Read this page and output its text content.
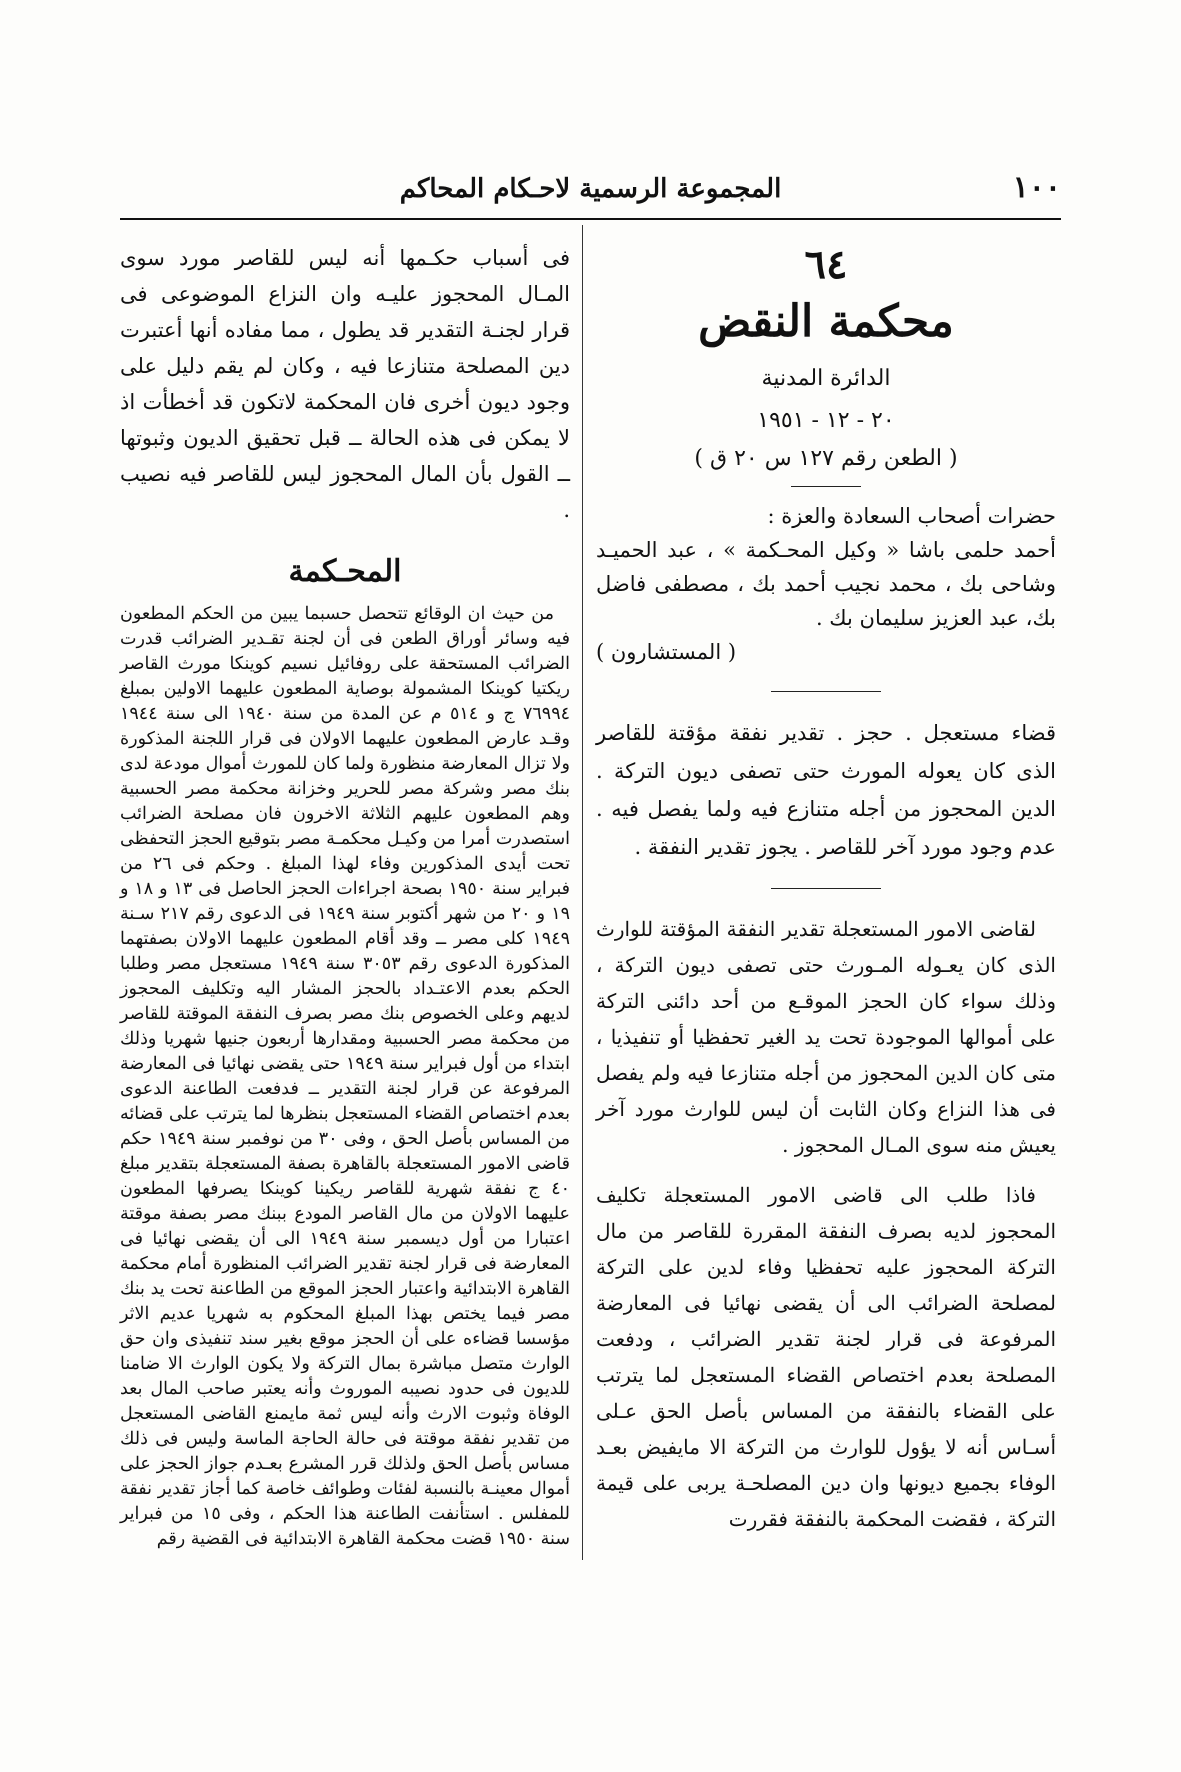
١٠٠
المجموعة الرسمية لاحـكام المحاكم

٦٤

محكمة النقض

الدائرة المدنية

٢٠ - ١٢ - ١٩٥١

( الطعن رقم ١٢٧ س ٢٠ ق )

حضرات أصحاب السعادة والعزة :

أحمد حلمى باشا « وكيل المحـكمة » ، عبد الحميـد وشاحى بك ، محمد نجيب أحمد بك ، مصطفى فاضل بك، عبد العزيز سليمان بك .

( المستشارون )

قضاء مستعجل . حجز . تقدير نفقة مؤقتة للقاصر الذى كان يعوله المورث حتى تصفى ديون التركة . الدين المحجوز من أجله متنازع فيه ولما يفصل فيه . عدم وجود مورد آخر للقاصر . يجوز تقدير النفقة .

لقاضى الامور المستعجلة تقدير النفقة المؤقتة للوارث الذى كان يعـوله المـورث حتى تصفى ديون التركة ، وذلك سواء كان الحجز الموقـع من أحد دائنى التركة على أموالها الموجودة تحت يد الغير تحفظيا أو تنفيذيا ، متى كان الدين المحجوز من أجله متنازعا فيه ولم يفصل فى هذا النزاع وكان الثابت أن ليس للوارث مورد آخر يعيش منه سوى المـال المحجوز .

فاذا طلب الى قاضى الامور المستعجلة تكليف المحجوز لديه بصرف النفقة المقررة للقاصر من مال التركة المحجوز عليه تحفظيا وفاء لدين على التركة لمصلحة الضرائب الى أن يقضى نهائيا فى المعارضة المرفوعة فى قرار لجنة تقدير الضرائب ، ودفعت المصلحة بعدم اختصاص القضاء المستعجل لما يترتب على القضاء بالنفقة من المساس بأصل الحق عـلى أسـاس أنه لا يؤول للوارث من التركة الا مايفيض بعـد الوفاء بجميع ديونها وان دين المصلحـة يربى على قيمة التركة ، فقضت المحكمة بالنفقة فقررت

فى أسباب حكـمها أنه ليس للقاصر مورد سوى المـال المحجوز عليـه وان النزاع الموضوعى فى قرار لجنـة التقدير قد يطول ، مما مفاده أنها أعتبرت دين المصلحة متنازعا فيه ، وكان لم يقم دليل على وجود ديون أخرى فان المحكمة لاتكون قد أخطأت اذ لا يمكن فى هذه الحالة ــ قبل تحقيق الديون وثبوتها ــ القول بأن المال المحجوز ليس للقاصر فيه نصيب .

المحـكمة

من حيث ان الوقائع تتحصل حسبما يبين من الحكم المطعون فيه وسائر أوراق الطعن فى أن لجنة تقـدير الضرائب قدرت الضرائب المستحقة على روفائيل نسيم كوينكا مورث القاصر ريكتيا كوينكا المشمولة بوصاية المطعون عليهما الاولين بمبلغ ٧٦٩٩٤ ج و ٥١٤ م عن المدة من سنة ١٩٤٠ الى سنة ١٩٤٤ وقـد عارض المطعون عليهما الاولان فى قرار اللجنة المذكورة ولا تزال المعارضة منظورة ولما كان للمورث أموال مودعة لدى بنك مصر وشركة مصر للحرير وخزانة محكمة مصر الحسبية وهم المطعون عليهم الثلاثة الاخرون فان مصلحة الضرائب استصدرت أمرا من وكيـل محكمـة مصر بتوقيع الحجز التحفظى تحت أيدى المذكورين وفاء لهذا المبلغ . وحكم فى ٢٦ من فبراير سنة ١٩٥٠ بصحة اجراءات الحجز الحاصل فى ١٣ و ١٨ و ١٩ و ٢٠ من شهر أكتوبر سنة ١٩٤٩ فى الدعوى رقم ٢١٧ سـنة ١٩٤٩ كلى مصر ــ وقد أقام المطعون عليهما الاولان بصفتهما المذكورة الدعوى رقم ٣٠٥٣ سنة ١٩٤٩ مستعجل مصر وطلبا الحكم بعدم الاعتـداد بالحجز المشار اليه وتكليف المحجوز لديهم وعلى الخصوص بنك مصر بصرف النفقة الموقتة للقاصر من محكمة مصر الحسبية ومقدارها أربعون جنيها شهريا وذلك ابتداء من أول فبراير سنة ١٩٤٩ حتى يقضى نهائيا فى المعارضة المرفوعة عن قرار لجنة التقدير ــ فدفعت الطاعنة الدعوى بعدم اختصاص القضاء المستعجل بنظرها لما يترتب على قضائه من المساس بأصل الحق ، وفى ٣٠ من نوفمبر سنة ١٩٤٩ حكم قاضى الامور المستعجلة بالقاهرة بصفة المستعجلة بتقدير مبلغ ٤٠ ج نفقة شهرية للقاصر ريكينا كوينكا يصرفها المطعون عليهما الاولان من مال القاصر المودع ببنك مصر بصفة موقتة اعتبارا من أول ديسمبر سنة ١٩٤٩ الى أن يقضى نهائيا فى المعارضة فى قرار لجنة تقدير الضرائب المنظورة أمام محكمة القاهرة الابتدائية واعتبار الحجز الموقع من الطاعنة تحت يد بنك مصر فيما يختص بهذا المبلغ المحكوم به شهريا عديم الاثر مؤسسا قضاءه على أن الحجز موقع بغير سند تنفيذى وان حق الوارث متصل مباشرة بمال التركة ولا يكون الوارث الا ضامنا للديون فى حدود نصيبه الموروث وأنه يعتبر صاحب المال بعد الوفاة وثبوت الارث وأنه ليس ثمة مايمنع القاضى المستعجل من تقدير نفقة موقتة فى حالة الحاجة الماسة وليس فى ذلك مساس بأصل الحق ولذلك قرر المشرع بعـدم جواز الحجز على أموال معينـة بالنسبة لفئات وطوائف خاصة كما أجاز تقدير نفقة للمفلس . استأنفت الطاعنة هذا الحكم ، وفى ١٥ من فبراير سنة ١٩٥٠ قضت محكمة القاهرة الابتدائية فى القضية رقم
